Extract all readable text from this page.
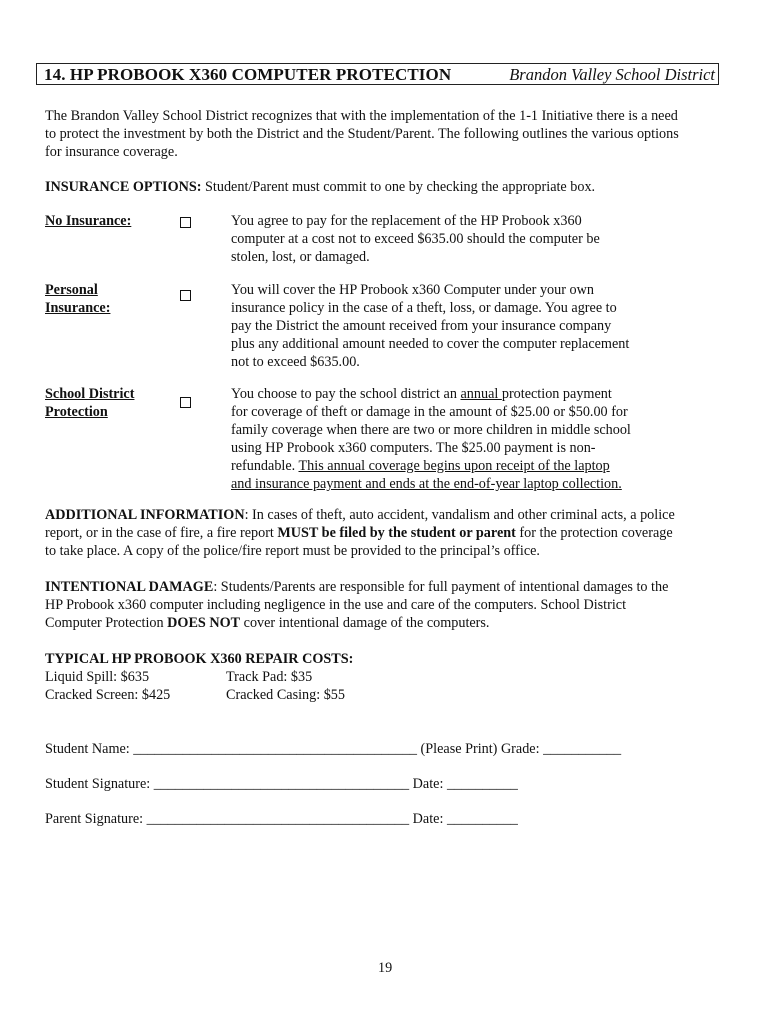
14. HP PROBOOK X360 COMPUTER PROTECTION	Brandon Valley School District
The Brandon Valley School District recognizes that with the implementation of the 1-1 Initiative there is a need
to protect the investment by both the District and the Student/Parent. The following outlines the various options
for insurance coverage.
INSURANCE OPTIONS: Student/Parent must commit to one by checking the appropriate box.
No Insurance:	You agree to pay for the replacement of the HP Probook x360
computer at a cost not to exceed $635.00 should the computer be
stolen, lost, or damaged.
Personal
Insurance:
You will cover the HP Probook x360 Computer under your own
insurance policy in the case of a theft, loss, or damage. You agree to
pay the District the amount received from your insurance company
plus any additional amount needed to cover the computer replacement
not to exceed $635.00.
School District
Protection
You choose to pay the school district an annual protection payment
for coverage of theft or damage in the amount of $25.00 or $50.00 for
family coverage when there are two or more children in middle school
using HP Probook x360 computers. The $25.00 payment is non-
refundable. This annual coverage begins upon receipt of the laptop
and insurance payment and ends at the end-of-year laptop collection.
ADDITIONAL INFORMATION: In cases of theft, auto accident, vandalism and other criminal acts, a police
report, or in the case of fire, a fire report MUST be filed by the student or parent for the protection coverage
to take place. A copy of the police/fire report must be provided to the principal’s office.
INTENTIONAL DAMAGE: Students/Parents are responsible for full payment of intentional damages to the
HP Probook x360 computer including negligence in the use and care of the computers. School District
Computer Protection DOES NOT cover intentional damage of the computers.
TYPICAL HP PROBOOK X360 REPAIR COSTS:
Liquid Spill: $635
Cracked Screen: $425
Track Pad: $35
Cracked Casing: $55
Student Name: ________________________________________ (Please Print) Grade: ___________
Student Signature: ____________________________________ Date: __________
Parent Signature: _____________________________________ Date: __________
19
